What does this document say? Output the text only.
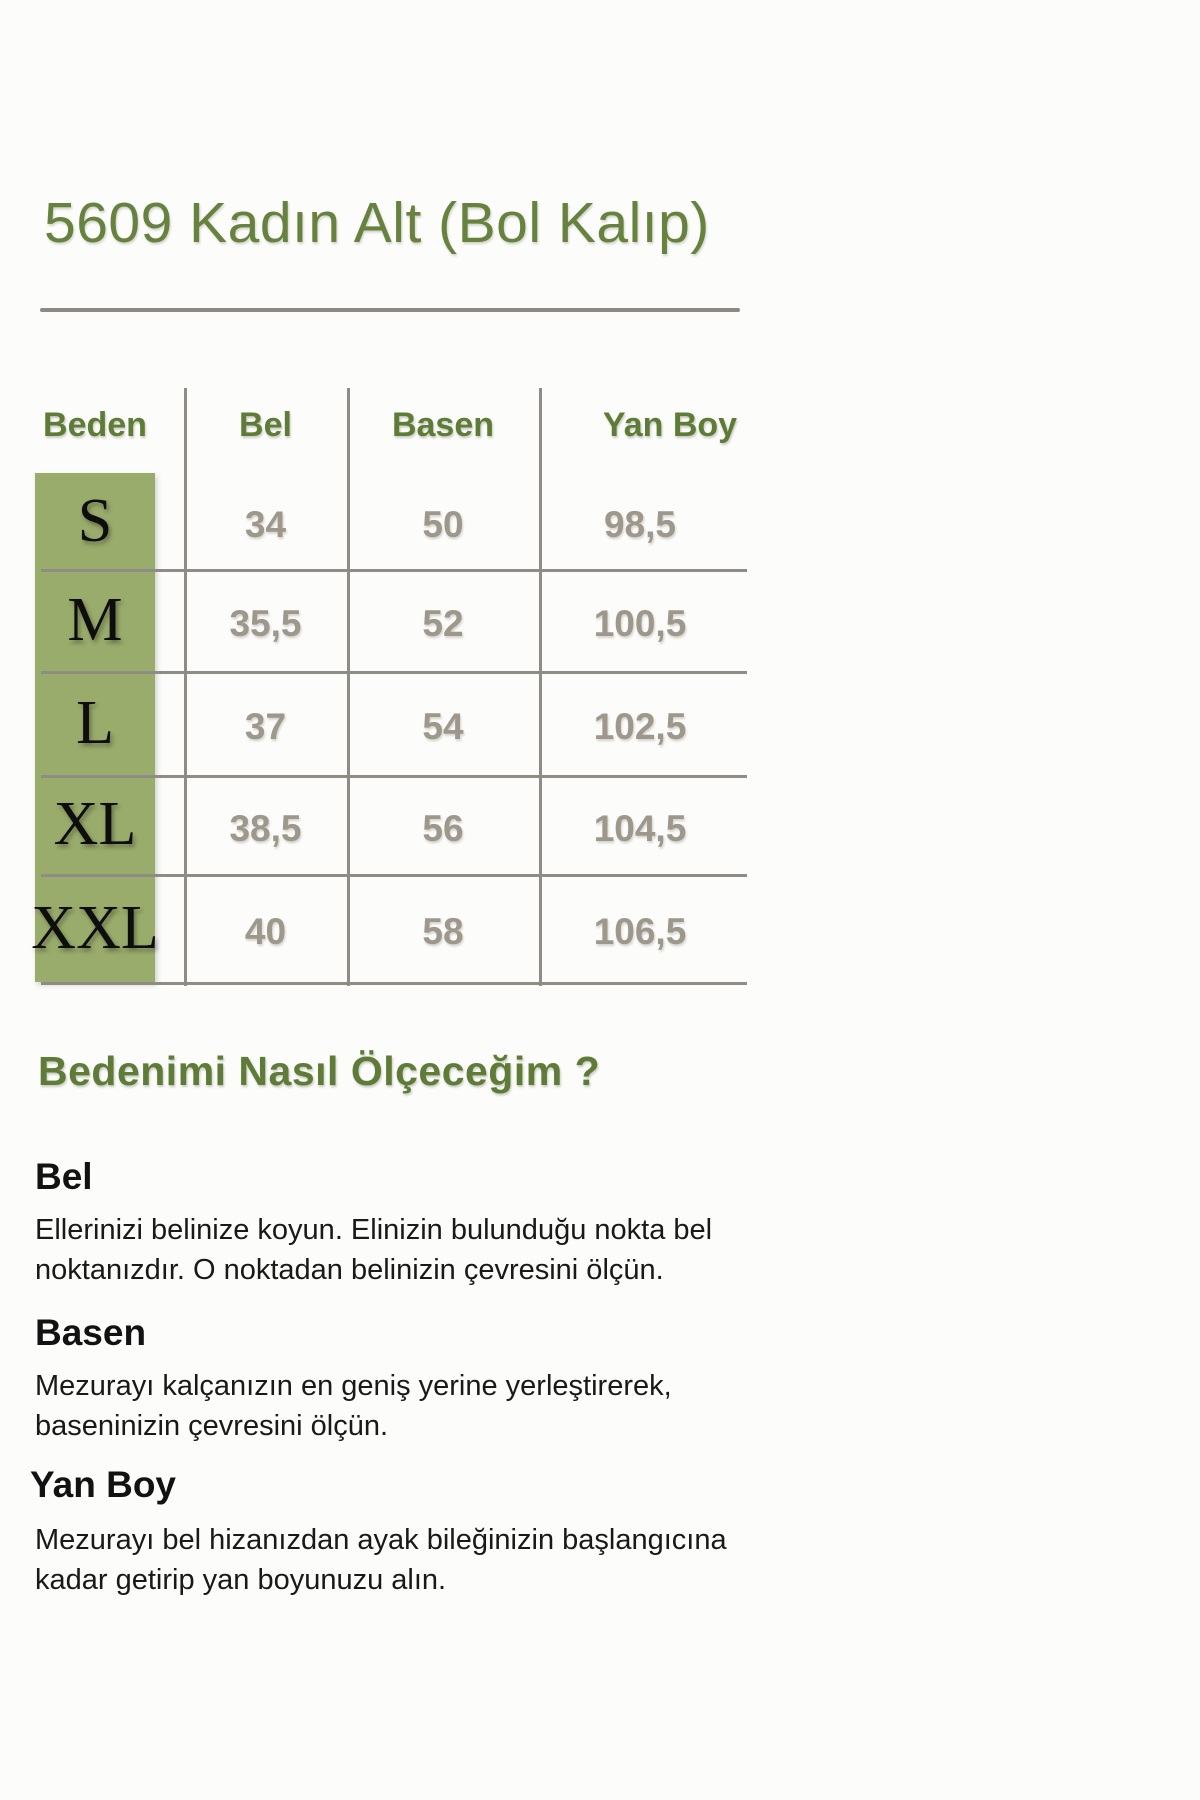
5609 Kadın Alt (Bol Kalıp)
Beden	Bel	Basen	Yan Boy
S	34	50	98,5
M	35,5	52	100,5
L	37	54	102,5
XL	38,5	56	104,5
XXL	40	58	106,5
Bedenimi Nasıl Ölçeceğim ?
Bel
Ellerinizi belinize koyun. Elinizin bulunduğu nokta bel noktanızdır. O noktadan belinizin çevresini ölçün.
Basen
Mezurayı kalçanızın en geniş yerine yerleştirerek, baseninizin çevresini ölçün.
Yan Boy
Mezurayı bel hizanızdan ayak bileğinizin başlangıcına kadar getirip yan boyunuzu alın.
